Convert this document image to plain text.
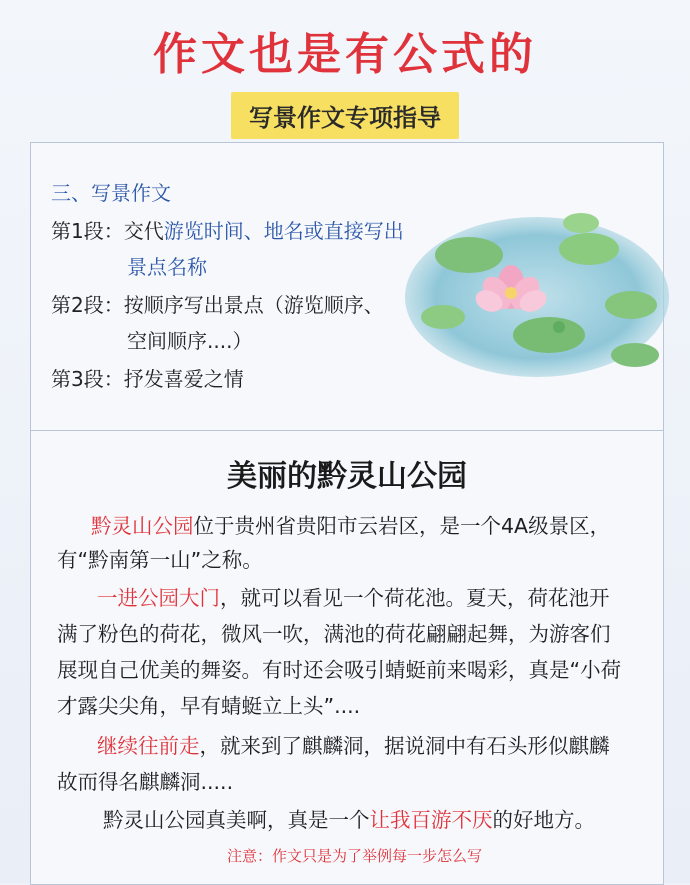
作文也是有公式的
写景作文专项指导
三、写景作文
第1段：交代游览时间、地名或直接写出
景点名称
第2段：按顺序写出景点（游览顺序、
空间顺序....）
第3段：抒发喜爱之情
美丽的黔灵山公园
黔灵山公园位于贵州省贵阳市云岩区，是一个4A级景区，
有“黔南第一山”之称。
一进公园大门，就可以看见一个荷花池。夏天，荷花池开
满了粉色的荷花，微风一吹，满池的荷花翩翩起舞，为游客们
展现自己优美的舞姿。有时还会吸引蜻蜓前来喝彩，真是“小荷
才露尖尖角，早有蜻蜓立上头”....
继续往前走，就来到了麒麟洞，据说洞中有石头形似麒麟
故而得名麒麟洞.....
黔灵山公园真美啊，真是一个让我百游不厌的好地方。
注意：作文只是为了举例每一步怎么写
